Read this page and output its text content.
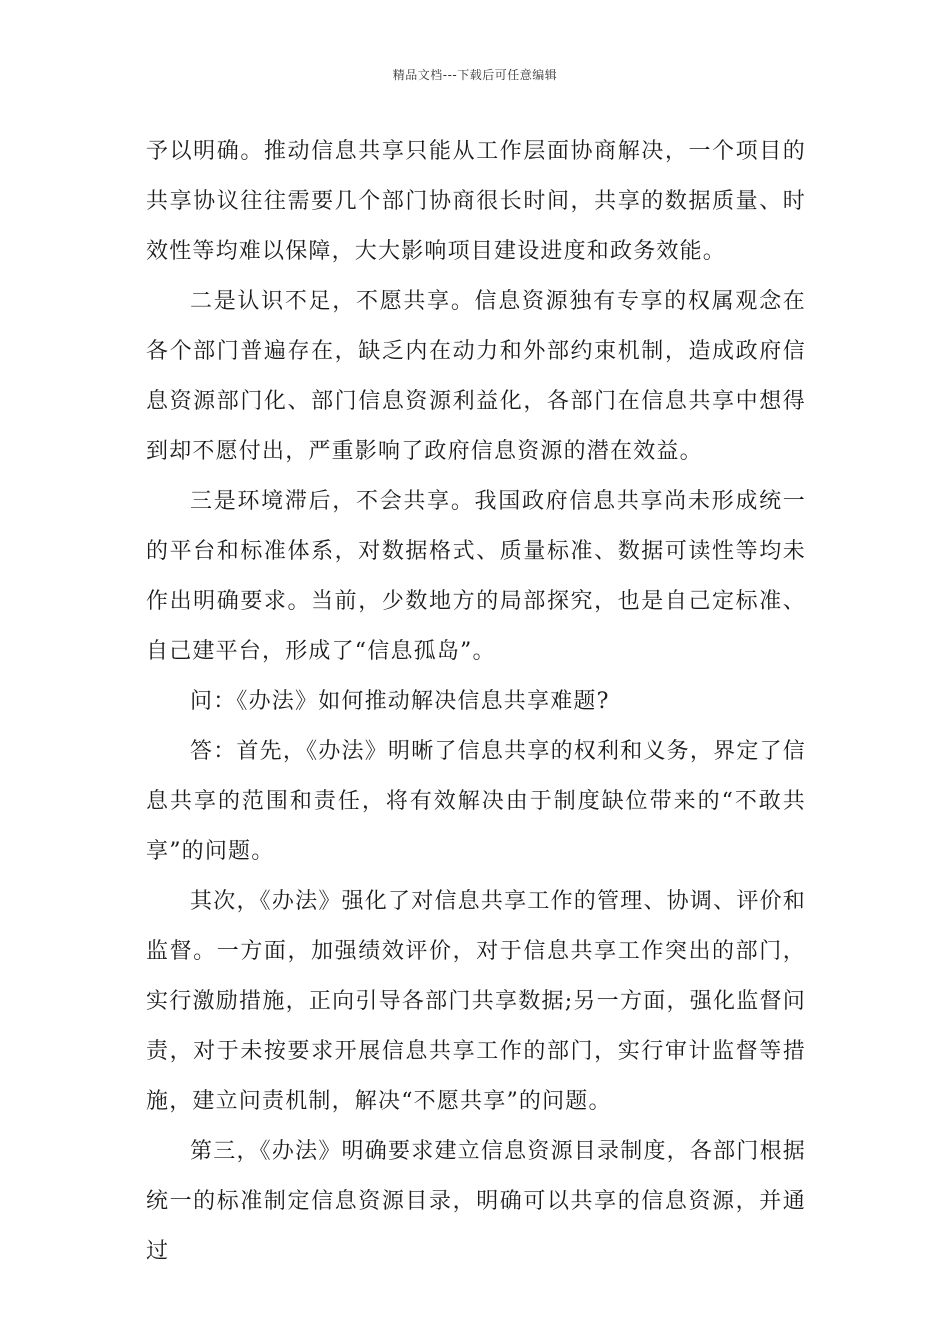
精品文档---下载后可任意编辑

予以明确。推动信息共享只能从工作层面协商解决，一个项目的共享协议往往需要几个部门协商很长时间，共享的数据质量、时效性等均难以保障，大大影响项目建设进度和政务效能。

二是认识不足，不愿共享。信息资源独有专享的权属观念在各个部门普遍存在，缺乏内在动力和外部约束机制，造成政府信息资源部门化、部门信息资源利益化，各部门在信息共享中想得到却不愿付出，严重影响了政府信息资源的潜在效益。

三是环境滞后，不会共享。我国政府信息共享尚未形成统一的平台和标准体系，对数据格式、质量标准、数据可读性等均未作出明确要求。当前，少数地方的局部探究，也是自己定标准、自己建平台，形成了“信息孤岛”。

问：《办法》如何推动解决信息共享难题?

答：首先，《办法》明晰了信息共享的权利和义务，界定了信息共享的范围和责任，将有效解决由于制度缺位带来的“不敢共享”的问题。

其次，《办法》强化了对信息共享工作的管理、协调、评价和监督。一方面，加强绩效评价，对于信息共享工作突出的部门，实行激励措施，正向引导各部门共享数据;另一方面，强化监督问责，对于未按要求开展信息共享工作的部门，实行审计监督等措施，建立问责机制，解决“不愿共享”的问题。

第三，《办法》明确要求建立信息资源目录制度，各部门根据统一的标准制定信息资源目录，明确可以共享的信息资源，并通过
